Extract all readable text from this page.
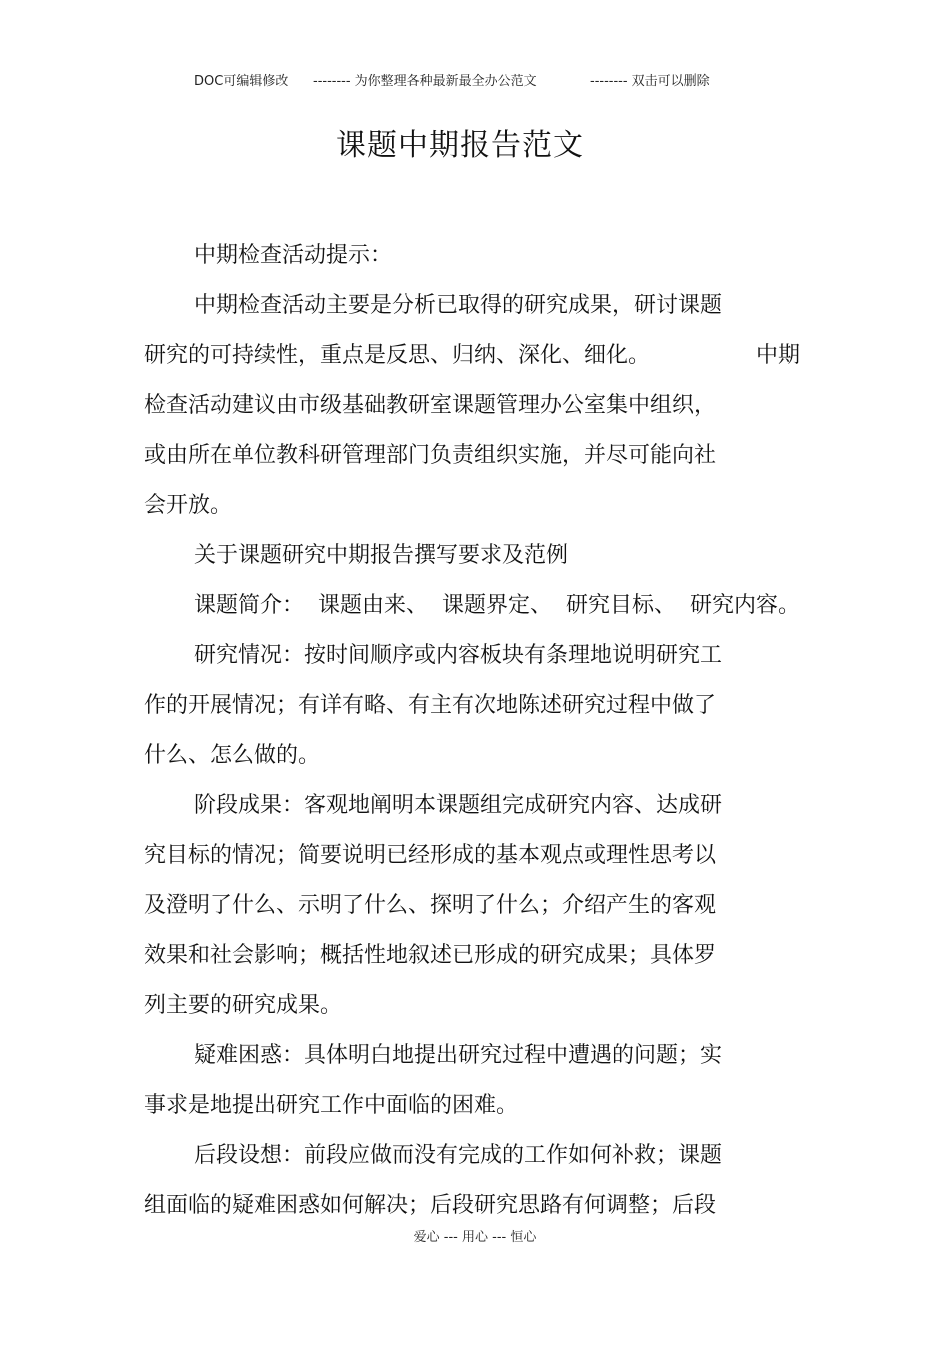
DOC可编辑修改 -------- 为你整理各种最新最全办公范文	-------- 双击可以删除
课题中期报告范文
中期检查活动提示：
中期检查活动主要是分析已取得的研究成果，研讨课题
研究的可持续性，重点是反思、归纳、深化、细化。	中期
检查活动建议由市级基础教研室课题管理办公室集中组织，
或由所在单位教科研管理部门负责组织实施，并尽可能向社
会开放。
关于课题研究中期报告撰写要求及范例
课题简介：  课题由来、  课题界定、  研究目标、  研究内容。
研究情况：按时间顺序或内容板块有条理地说明研究工
作的开展情况；有详有略、有主有次地陈述研究过程中做了
什么、怎么做的。
阶段成果：客观地阐明本课题组完成研究内容、达成研
究目标的情况；简要说明已经形成的基本观点或理性思考以
及澄明了什么、示明了什么、探明了什么；介绍产生的客观
效果和社会影响；概括性地叙述已形成的研究成果；具体罗
列主要的研究成果。
疑难困惑：具体明白地提出研究过程中遭遇的问题；实
事求是地提出研究工作中面临的困难。
后段设想：前段应做而没有完成的工作如何补救；课题
组面临的疑难困惑如何解决；后段研究思路有何调整；后段
爱心 --- 用心 --- 恒心
